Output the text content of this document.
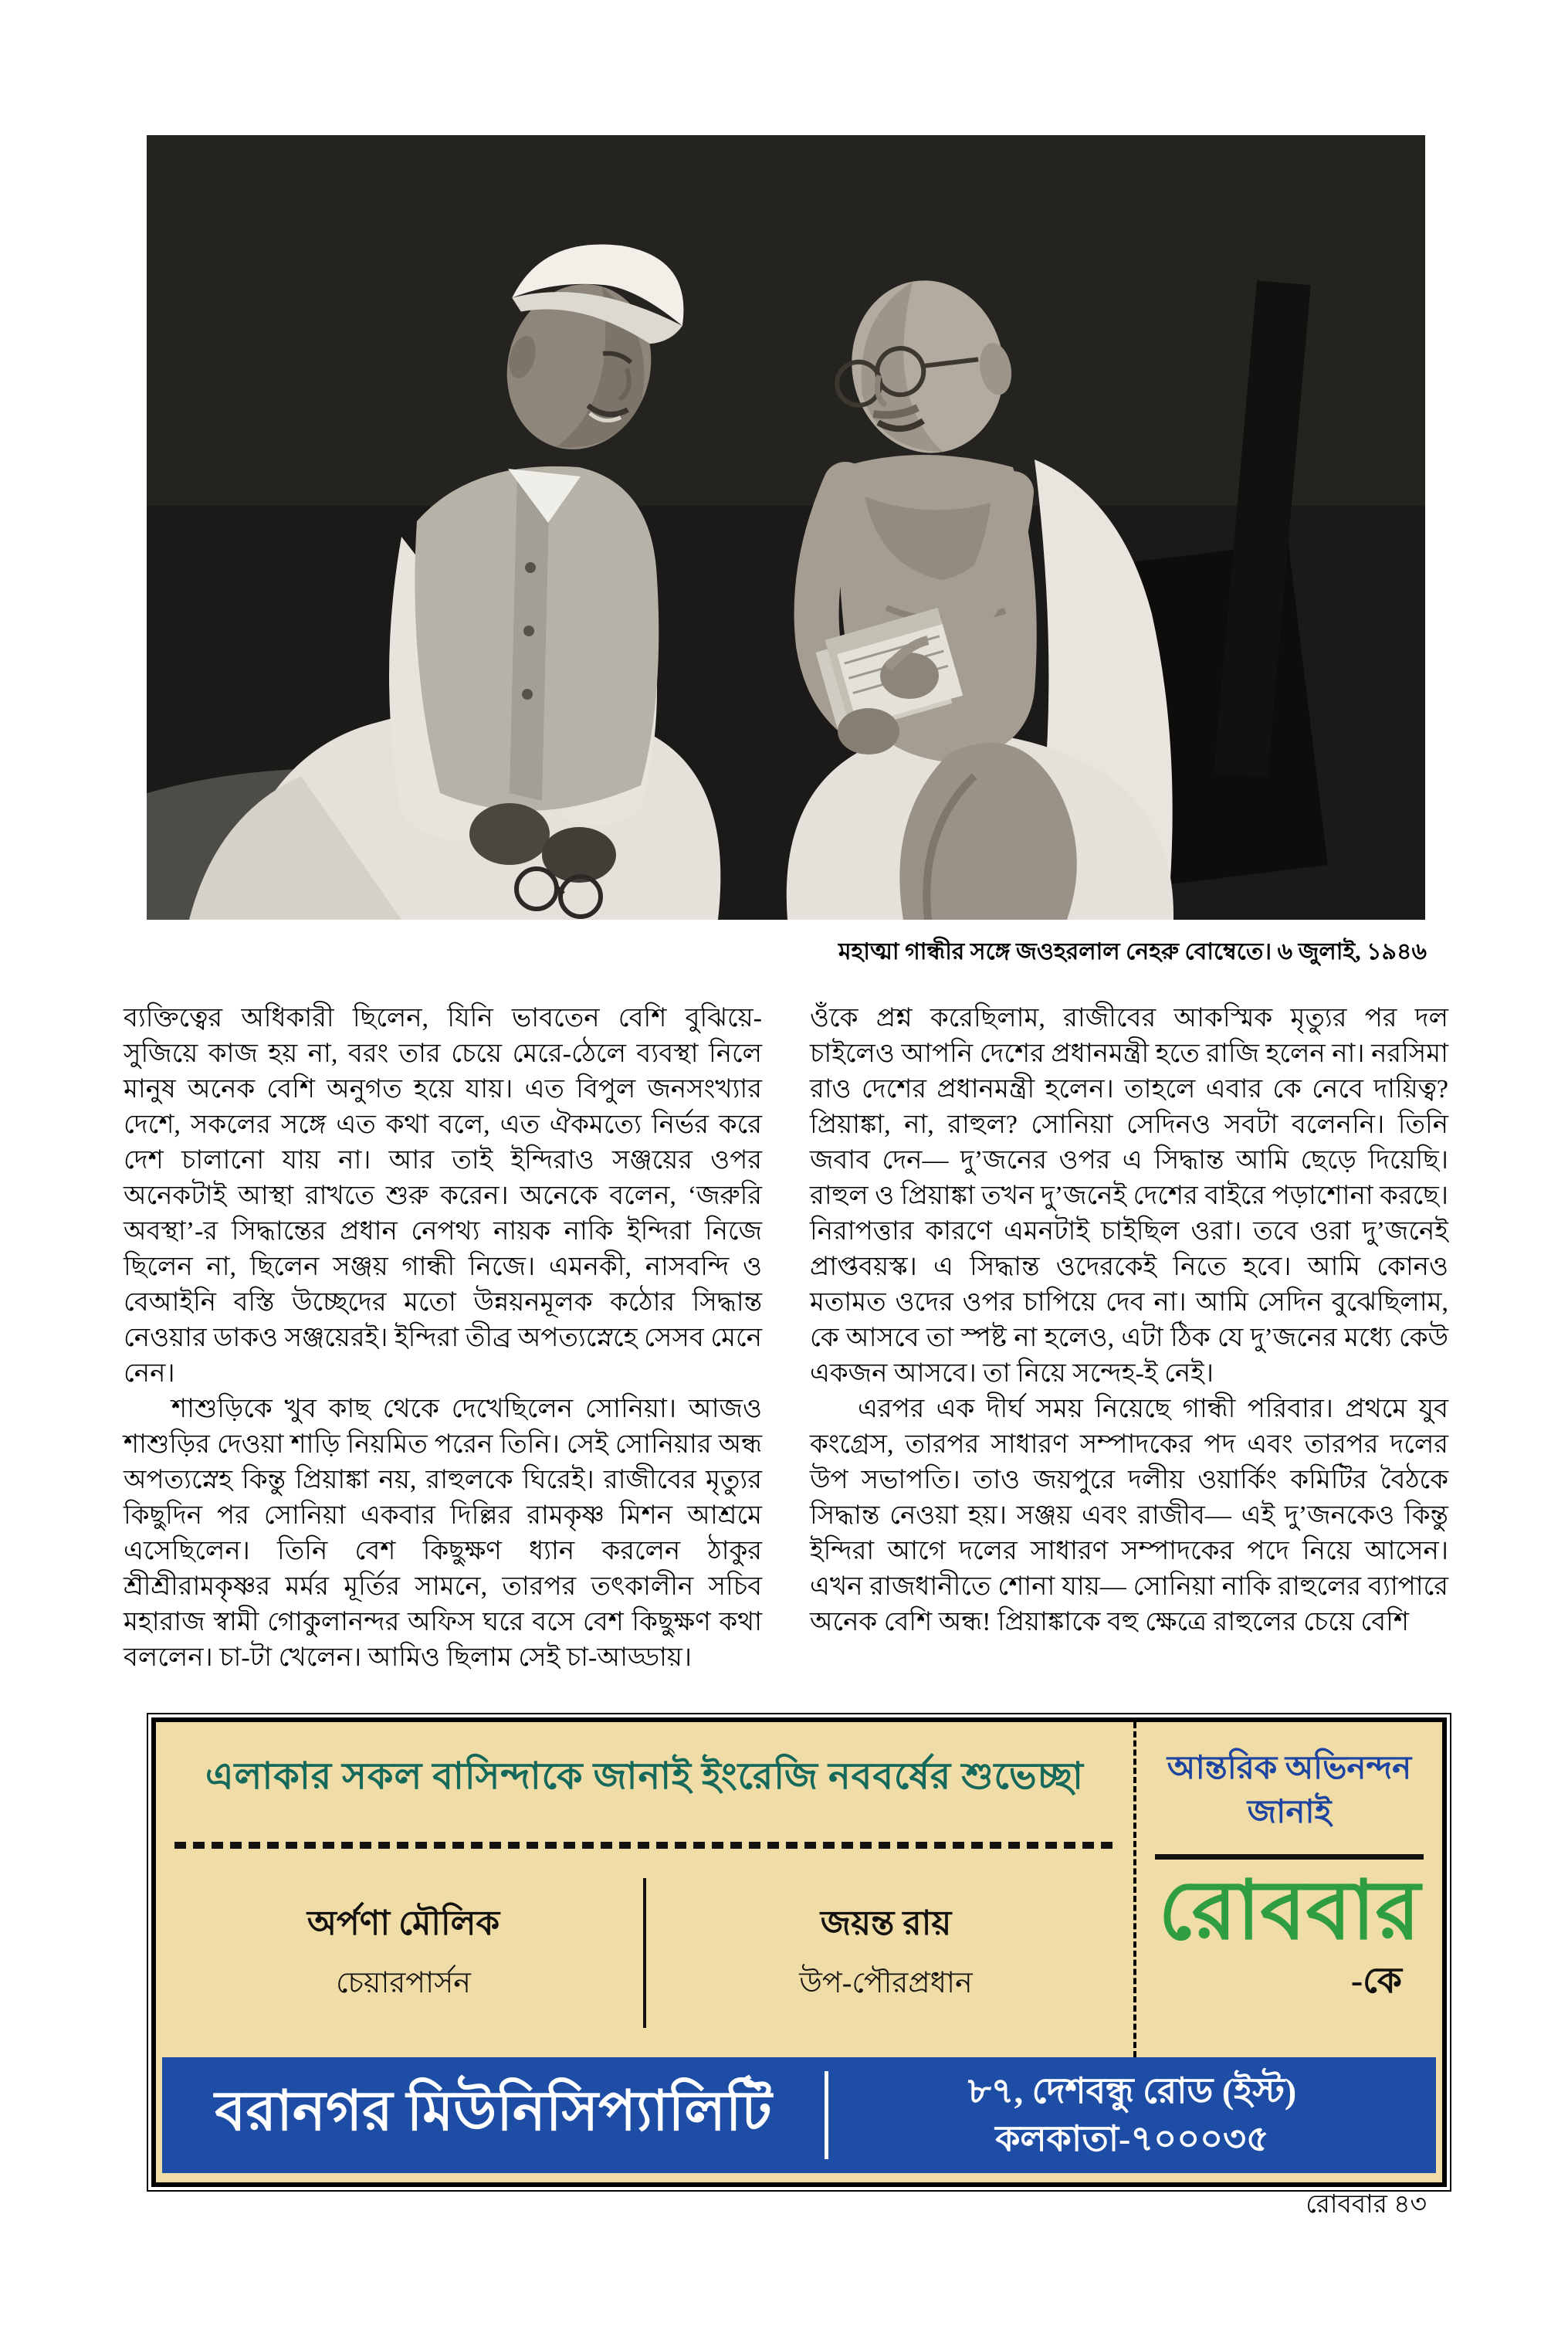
মহাত্মা গান্ধীর সঙ্গে জওহরলাল নেহরু বোম্বেতে। ৬ জুলাই, ১৯৪৬

ব্যক্তিত্বের অধিকারী ছিলেন, যিনি ভাবতেন বেশি বুঝিয়ে-সুজিয়ে কাজ হয় না, বরং তার চেয়ে মেরে-ঠেলে ব্যবস্থা নিলে মানুষ অনেক বেশি অনুগত হয়ে যায়। এত বিপুল জনসংখ্যার দেশে, সকলের সঙ্গে এত কথা বলে, এত ঐকমত্যে নির্ভর করে দেশ চালানো যায় না। আর তাই ইন্দিরাও সঞ্জয়ের ওপর অনেকটাই আস্থা রাখতে শুরু করেন। অনেকে বলেন, ‘জরুরি অবস্থা’-র সিদ্ধান্তের প্রধান নেপথ্য নায়ক নাকি ইন্দিরা নিজে ছিলেন না, ছিলেন সঞ্জয় গান্ধী নিজে। এমনকী, নাসবন্দি ও বেআইনি বস্তি উচ্ছেদের মতো উন্নয়নমূলক কঠোর সিদ্ধান্ত নেওয়ার ডাকও সঞ্জয়েরই। ইন্দিরা তীব্র অপত্যস্নেহে সেসব মেনে নেন।

শাশুড়িকে খুব কাছ থেকে দেখেছিলেন সোনিয়া। আজও শাশুড়ির দেওয়া শাড়ি নিয়মিত পরেন তিনি। সেই সোনিয়ার অন্ধ অপত্যস্নেহ কিন্তু প্রিয়াঙ্কা নয়, রাহুলকে ঘিরেই। রাজীবের মৃত্যুর কিছুদিন পর সোনিয়া একবার দিল্লির রামকৃষ্ণ মিশন আশ্রমে এসেছিলেন। তিনি বেশ কিছুক্ষণ ধ্যান করলেন ঠাকুর শ্রীশ্রীরামকৃষ্ণর মর্মর মূর্তির সামনে, তারপর তৎকালীন সচিব মহারাজ স্বামী গোকুলানন্দর অফিস ঘরে বসে বেশ কিছুক্ষণ কথা বললেন। চা-টা খেলেন। আমিও ছিলাম সেই চা-আড্ডায়।

ওঁকে প্রশ্ন করেছিলাম, রাজীবের আকস্মিক মৃত্যুর পর দল চাইলেও আপনি দেশের প্রধানমন্ত্রী হতে রাজি হলেন না। নরসিমা রাও দেশের প্রধানমন্ত্রী হলেন। তাহলে এবার কে নেবে দায়িত্ব? প্রিয়াঙ্কা, না, রাহুল? সোনিয়া সেদিনও সবটা বলেননি। তিনি জবাব দেন— দু’জনের ওপর এ সিদ্ধান্ত আমি ছেড়ে দিয়েছি। রাহুল ও প্রিয়াঙ্কা তখন দু’জনেই দেশের বাইরে পড়াশোনা করছে। নিরাপত্তার কারণে এমনটাই চাইছিল ওরা। তবে ওরা দু’জনেই প্রাপ্তবয়স্ক। এ সিদ্ধান্ত ওদেরকেই নিতে হবে। আমি কোনও মতামত ওদের ওপর চাপিয়ে দেব না। আমি সেদিন বুঝেছিলাম, কে আসবে তা স্পষ্ট না হলেও, এটা ঠিক যে দু’জনের মধ্যে কেউ একজন আসবে। তা নিয়ে সন্দেহ-ই নেই।

এরপর এক দীর্ঘ সময় নিয়েছে গান্ধী পরিবার। প্রথমে যুব কংগ্রেস, তারপর সাধারণ সম্পাদকের পদ এবং তারপর দলের উপ সভাপতি। তাও জয়পুরে দলীয় ওয়ার্কিং কমিটির বৈঠকে সিদ্ধান্ত নেওয়া হয়। সঞ্জয় এবং রাজীব— এই দু’জনকেও কিন্তু ইন্দিরা আগে দলের সাধারণ সম্পাদকের পদে নিয়ে আসেন। এখন রাজধানীতে শোনা যায়— সোনিয়া নাকি রাহুলের ব্যাপারে অনেক বেশি অন্ধ! প্রিয়াঙ্কাকে বহু ক্ষেত্রে রাহুলের চেয়ে বেশি

এলাকার সকল বাসিন্দাকে জানাই ইংরেজি নববর্ষের শুভেচ্ছা
অর্পণা মৌলিক
চেয়ারপার্সন
জয়ন্ত রায়
উপ-পৌরপ্রধান
আন্তরিক অভিনন্দন
জানাই
রোববার
-কে
বরানগর মিউনিসিপ্যালিটি	৮৭, দেশবন্ধু রোড (ইস্ট)
কলকাতা-৭০০০৩৫
রোববার ৪৩
